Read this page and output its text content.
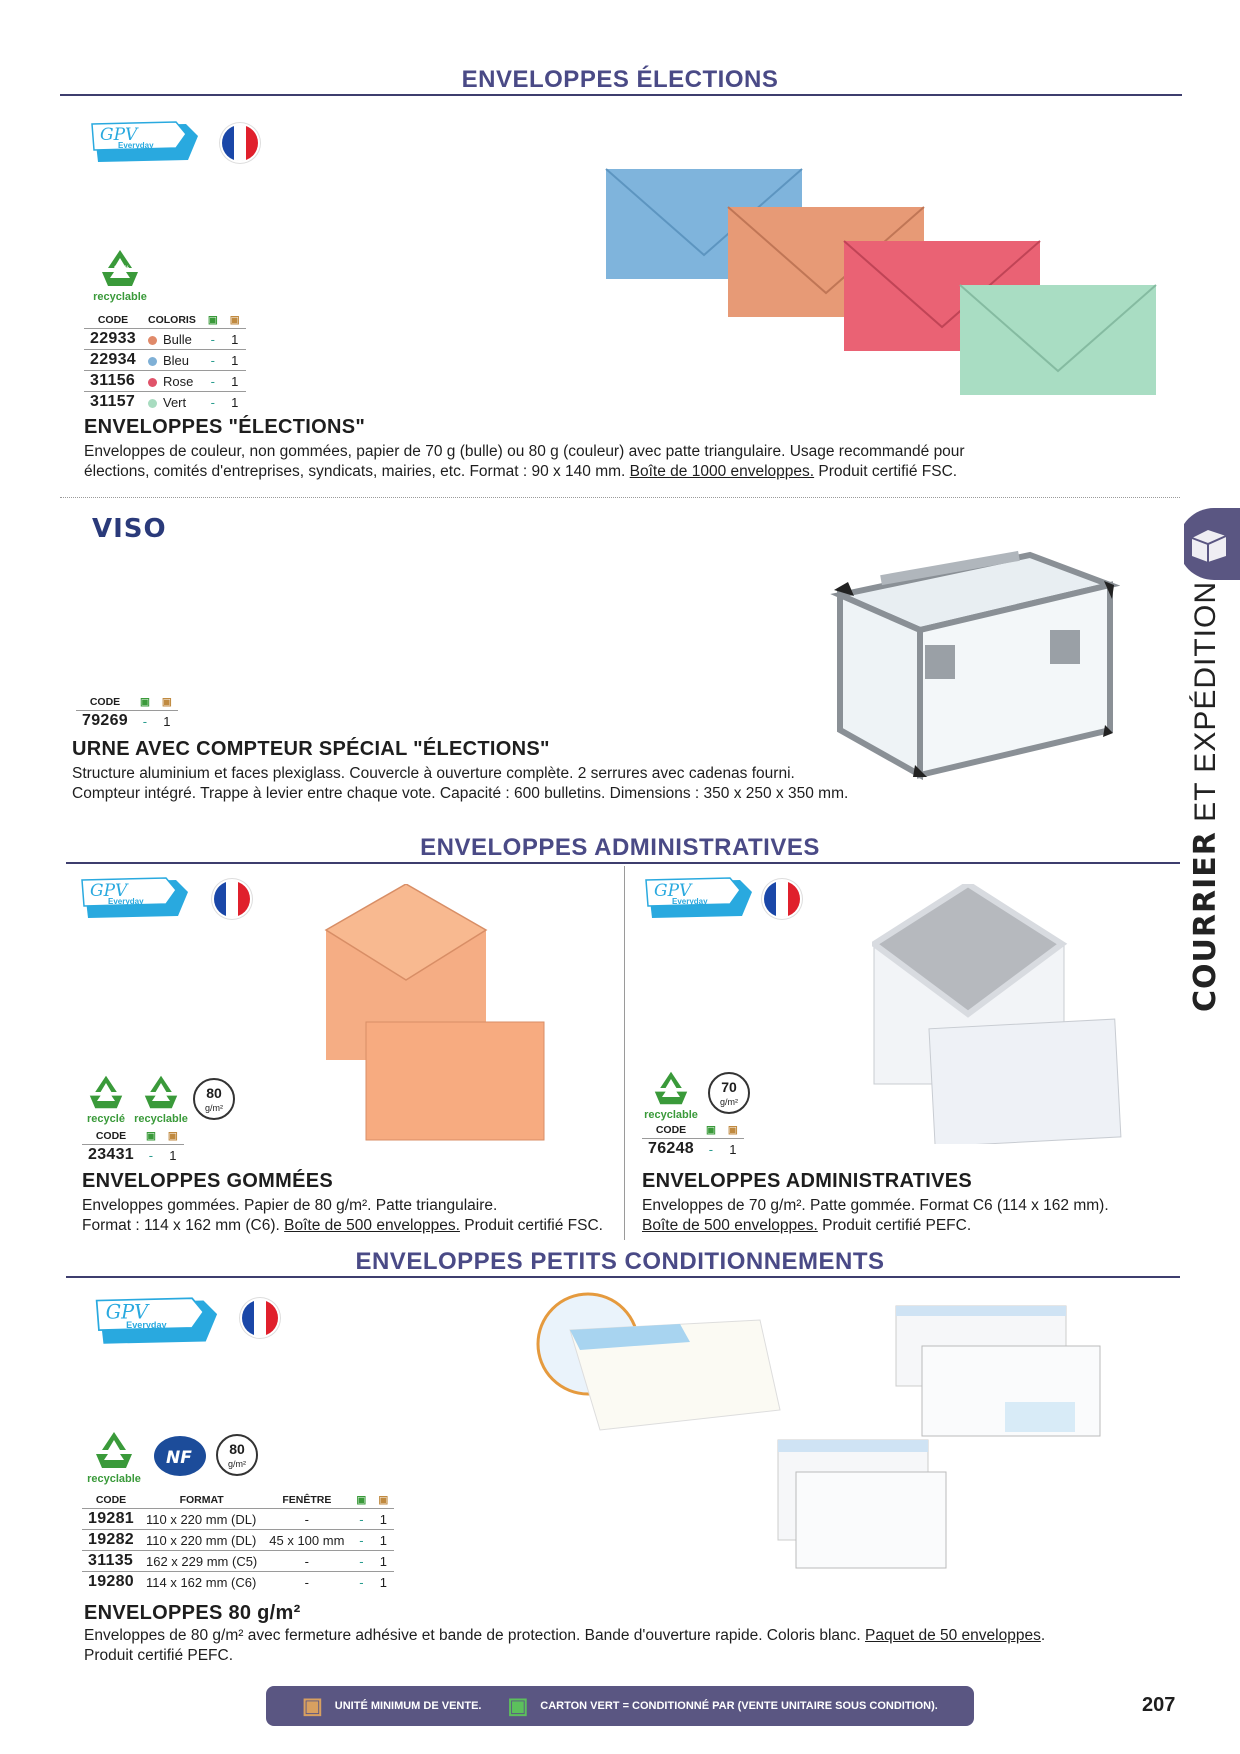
ENVELOPPES ÉLECTIONS
GPV
Everyday
100%
recyclable
CODE	COLORIS	▣	▣
22933	Bulle	-	1
22934	Bleu	-	1
31156	Rose	-	1
31157	Vert	-	1
ENVELOPPES "ÉLECTIONS"
Enveloppes de couleur, non gommées, papier de 70 g (bulle) ou 80 g (couleur) avec patte triangulaire. Usage recommandé pour élections, comités d'entreprises, syndicats, mairies, etc. Format : 90 x 140 mm. Boîte de 1000 enveloppes. Produit certifié FSC.
VISO
CODE	▣	▣
79269	-	1
URNE AVEC COMPTEUR SPÉCIAL "ÉLECTIONS"
Structure aluminium et faces plexiglass. Couvercle à ouverture complète. 2 serrures avec cadenas fourni.
Compteur intégré. Trappe à levier entre chaque vote. Capacité : 600 bulletins. Dimensions : 350 x 250 x 350 mm.
ENVELOPPES ADMINISTRATIVES
GPV
Everyday
recyclé recyclable
80
g/m²
CODE	▣	▣
23431	-	1
ENVELOPPES GOMMÉES
Enveloppes gommées. Papier de 80 g/m². Patte triangulaire.
Format : 114 x 162 mm (C6). Boîte de 500 enveloppes. Produit certifié FSC.
GPV
Everyday
recyclable
70
g/m²
CODE	▣	▣
76248	-	1
ENVELOPPES ADMINISTRATIVES
Enveloppes de 70 g/m². Patte gommée. Format C6 (114 x 162 mm).
Boîte de 500 enveloppes. Produit certifié PEFC.
ENVELOPPES PETITS CONDITIONNEMENTS
GPV
Everyday
recyclable
NF	80
g/m²
CODE	FORMAT	FENÊTRE	▣	▣
19281	110 x 220 mm (DL)	-	-	1
19282	110 x 220 mm (DL)	45 x 100 mm	-	1
31135	162 x 229 mm (C5)	-	-	1
19280	114 x 162 mm (C6)	-	-	1
ENVELOPPES 80 g/m²
Enveloppes de 80 g/m² avec fermeture adhésive et bande de protection. Bande d'ouverture rapide. Coloris blanc. Paquet de 50 enveloppes.
Produit certifié PEFC.
▣ UNITÉ MINIMUM DE VENTE. ▣ CARTON VERT = CONDITIONNÉ PAR (VENTE UNITAIRE SOUS CONDITION).	207
COURRIER ET EXPÉDITION
